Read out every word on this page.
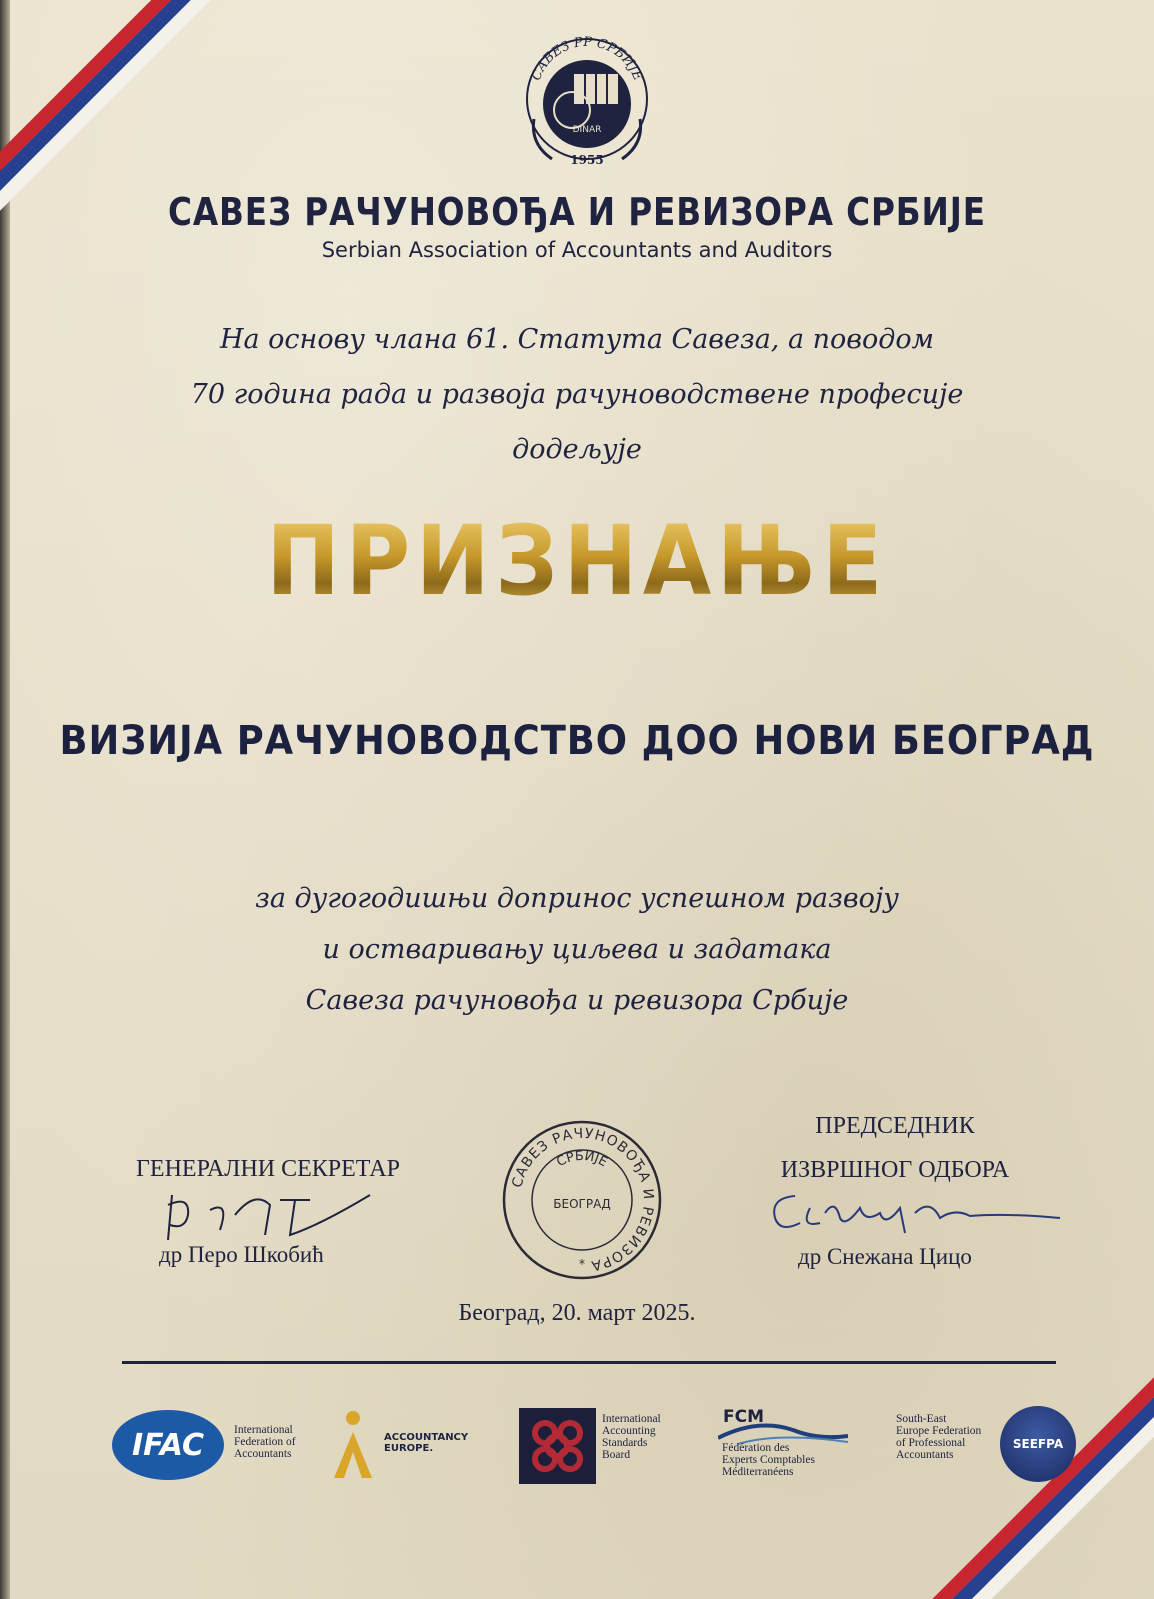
DINAR
САВЕЗ РР СРБИЈЕ
1955
САВЕЗ РАЧУНОВОЂА И РЕВИЗОРА СРБИЈЕ
Serbian Association of Accountants and Auditors
На основу члана 61. Статута Савеза, а поводом
70 година рада и развоја рачуноводствене професије
додељује
ПРИЗНАЊЕ
ВИЗИЈА РАЧУНОВОДСТВО ДОО НОВИ БЕОГРАД
за дугогодишњи допринос успешном развоју
и остваривању циљева и задатака
Савеза рачуновођа и ревизора Србије
ГЕНЕРАЛНИ СЕКРЕТАР
др Перо Шкобић
САВЕЗ РАЧУНОВОЂА И РЕВИЗОРА
СРБИЈЕ
БЕОГРАД
*
ПРЕДСЕДНИК
ИЗВРШНОГ ОДБОРА
др Снежана Цицо
Београд, 20. март 2025.
IFAC	International
Federation of
Accountants
ACCOUNTANCY
EUROPE.
International
Accounting
Standards
Board
FCM
Fédération des
Experts Comptables
Méditerranéens
South-East
Europe Federation
of Professional
Accountants
SEEFPA
